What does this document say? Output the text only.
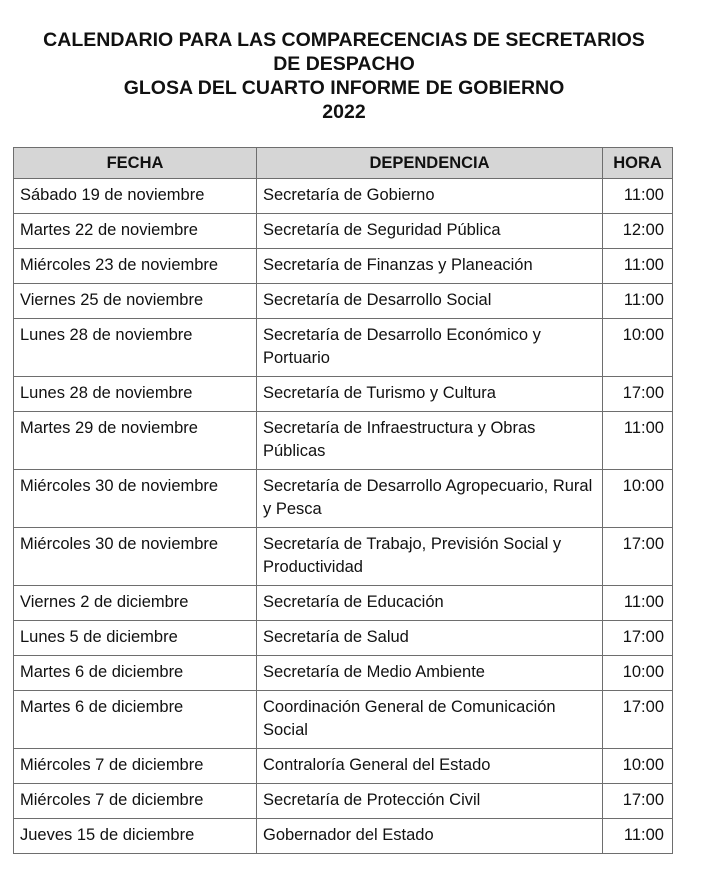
CALENDARIO PARA LAS COMPARECENCIAS DE SECRETARIOS
DE DESPACHO
GLOSA DEL CUARTO INFORME DE GOBIERNO
2022
FECHA	DEPENDENCIA	HORA
Sábado 19 de noviembre	Secretaría de Gobierno	11:00
Martes 22 de noviembre	Secretaría de Seguridad Pública	12:00
Miércoles 23 de noviembre	Secretaría de Finanzas y Planeación	11:00
Viernes 25 de noviembre	Secretaría de Desarrollo Social	11:00
Lunes 28 de noviembre	Secretaría de Desarrollo Económico y Portuario	10:00
Lunes 28 de noviembre	Secretaría de Turismo y Cultura	17:00
Martes 29 de noviembre	Secretaría de Infraestructura y Obras Públicas	11:00
Miércoles 30 de noviembre	Secretaría de Desarrollo Agropecuario, Rural y Pesca	10:00
Miércoles 30 de noviembre	Secretaría de Trabajo, Previsión Social y Productividad	17:00
Viernes 2 de diciembre	Secretaría de Educación	11:00
Lunes 5 de diciembre	Secretaría de Salud	17:00
Martes 6 de diciembre	Secretaría de Medio Ambiente	10:00
Martes 6 de diciembre	Coordinación General de Comunicación Social	17:00
Miércoles 7 de diciembre	Contraloría General del Estado	10:00
Miércoles 7 de diciembre	Secretaría de Protección Civil	17:00
Jueves 15 de diciembre	Gobernador del Estado	11:00
